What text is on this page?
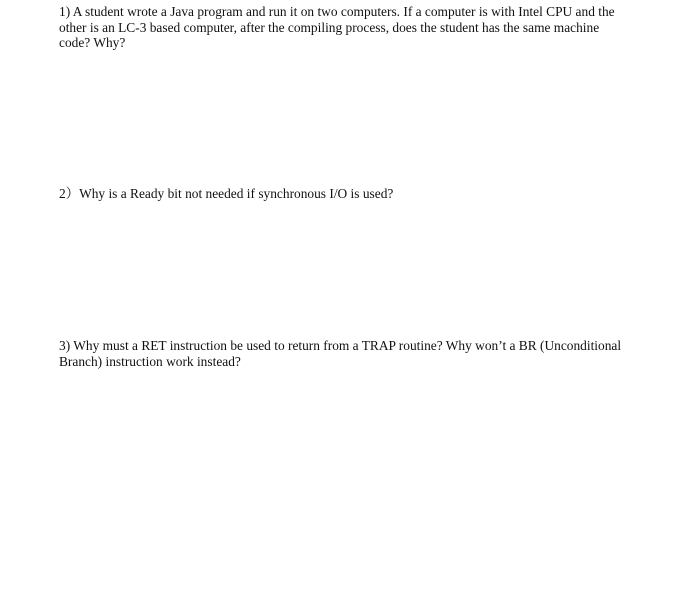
1) A student wrote a Java program and run it on two computers. If a computer is with Intel CPU and the
other is an LC-3 based computer, after the compiling process, does the student has the same machine
code? Why?
2）Why is a Ready bit not needed if synchronous I/O is used?
3) Why must a RET instruction be used to return from a TRAP routine? Why won’t a BR (Unconditional
Branch) instruction work instead?
